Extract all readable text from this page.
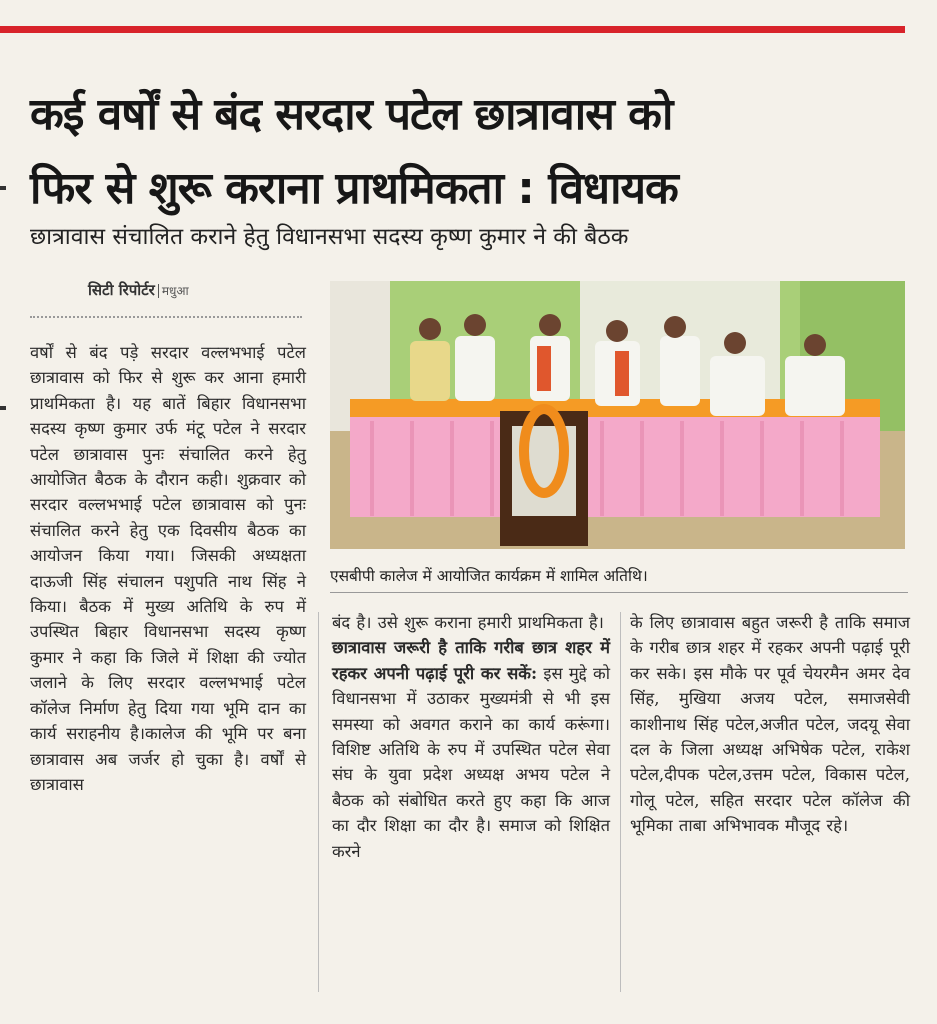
कई वर्षों से बंद सरदार पटेल छात्रावास को
फिर से शुरू कराना प्राथमिकता : विधायक
छात्रावास संचालित कराने हेतु विधानसभा सदस्य कृष्ण कुमार ने की बैठक
सिटी रिपोर्टर मधुआ
वर्षों से बंद पड़े सरदार वल्लभभाई पटेल छात्रावास को फिर से शुरू कर आना हमारी प्राथमिकता है। यह बातें बिहार विधानसभा सदस्य कृष्ण कुमार उर्फ मंटू पटेल ने सरदार पटेल छात्रावास पुनः संचालित करने हेतु आयोजित बैठक के दौरान कही। शुक्रवार को सरदार वल्लभभाई पटेल छात्रावास को पुनः संचालित करने हेतु एक दिवसीय बैठक का आयोजन किया गया। जिसकी अध्यक्षता दाऊजी सिंह संचालन पशुपति नाथ सिंह ने किया। बैठक में मुख्य अतिथि के रुप में उपस्थित बिहार विधानसभा सदस्य कृष्ण कुमार ने कहा कि जिले में शिक्षा की ज्योत जलाने के लिए सरदार वल्लभभाई पटेल कॉलेज निर्माण हेतु दिया गया भूमि दान का कार्य सराहनीय है।कालेज की भूमि पर बना छात्रावास अब जर्जर हो चुका है। वर्षों से छात्रावास
एसबीपी कालेज में आयोजित कार्यक्रम में शामिल अतिथि।
बंद है। उसे शुरू कराना हमारी प्राथमिकता है।
छात्रावास जरूरी है ताकि गरीब छात्र शहर में रहकर अपनी पढ़ाई पूरी कर सकें: इस मुद्दे को विधानसभा में उठाकर मुख्यमंत्री से भी इस समस्या को अवगत कराने का कार्य करूंगा। विशिष्ट अतिथि के रुप में उपस्थित पटेल सेवा संघ के युवा प्रदेश अध्यक्ष अभय पटेल ने बैठक को संबोधित करते हुए कहा कि आज का दौर शिक्षा का दौर है। समाज को शिक्षित करने
के लिए छात्रावास बहुत जरूरी है ताकि समाज के गरीब छात्र शहर में रहकर अपनी पढ़ाई पूरी कर सके। इस मौके पर पूर्व चेयरमैन अमर देव सिंह, मुखिया अजय पटेल, समाजसेवी काशीनाथ सिंह पटेल,अजीत पटेल, जदयू सेवा दल के जिला अध्यक्ष अभिषेक पटेल, राकेश पटेल,दीपक पटेल,उत्तम पटेल, विकास पटेल, गोलू पटेल, सहित सरदार पटेल कॉलेज की भूमिका ताबा अभिभावक मौजूद रहे।
